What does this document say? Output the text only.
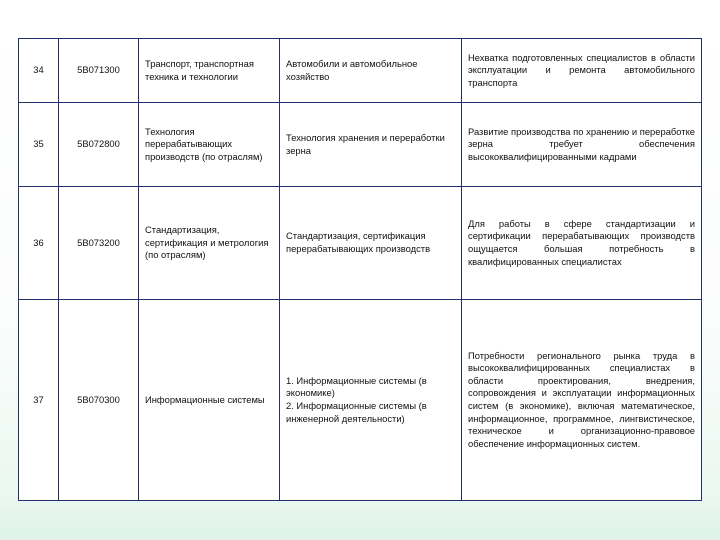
34	5В071300	Транспорт, транспортная техника и технологии	Автомобили и автомобильное хозяйство	Нехватка подготовленных специалистов в области эксплуатации и ремонта автомобильного транспорта
35	5В072800	Технология перерабатывающих производств (по отраслям)	Технология хранения и переработки зерна	Развитие производства по хранению и переработке зерна требует обеспечения высококвалифицированными кадрами
36	5В073200	Стандартизация, сертификация и метрология (по отраслям)	Стандартизация, сертификация перерабатывающих производств	Для работы в сфере стандартизации и сертификации перерабатывающих производств ощущается большая потребность в квалифицированных специалистах
37	5В070300	Информационные системы	1. Информационные системы (в экономике)
2. Информационные системы (в инженерной деятельности)	Потребности регионального рынка труда в высококвалифицированных специалистах в области проектирования, внедрения, сопровождения и эксплуатации информационных систем (в экономике), включая математическое, информационное, программное, лингвистическое, техническое и организационно-правовое обеспечение информационных систем.
